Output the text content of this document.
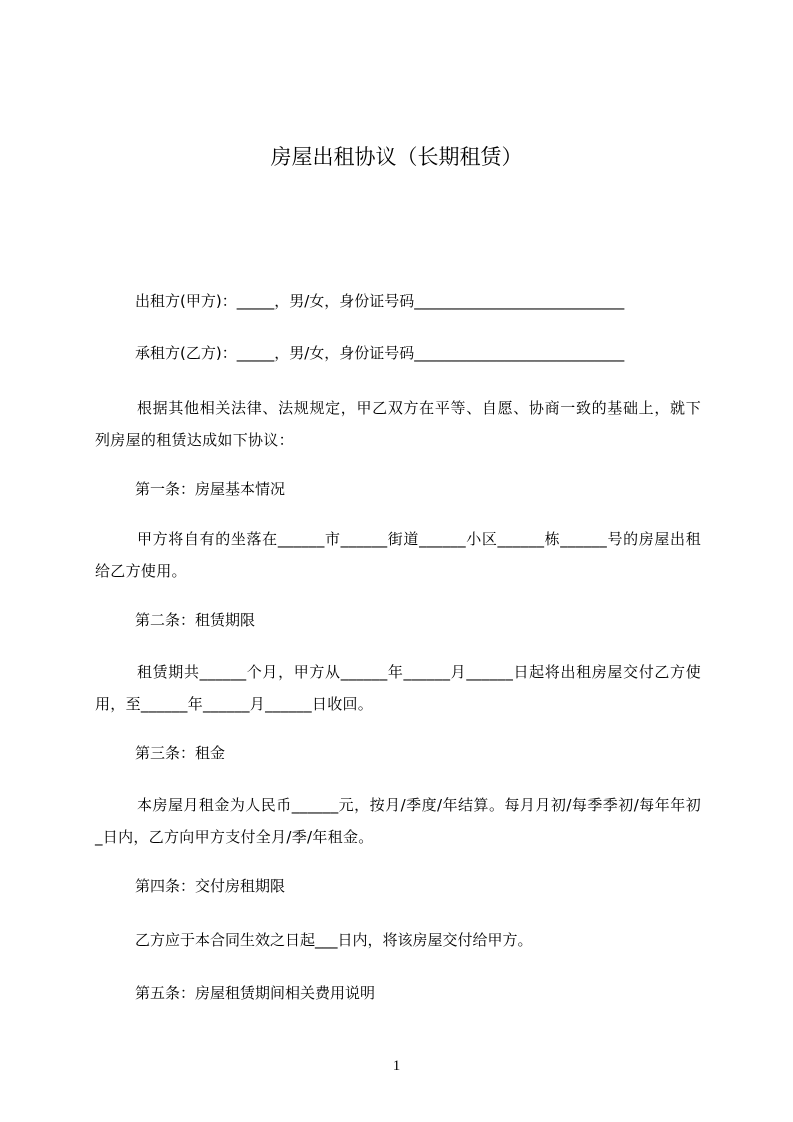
房屋出租协议（长期租赁）
出租方(甲方)：_____，男/女，身份证号码____________________________
承租方(乙方)：_____，男/女，身份证号码____________________________
根据其他相关法律、法规规定，甲乙双方在平等、自愿、协商一致的基础上，就下列房屋的租赁达成如下协议：
第一条：房屋基本情况
甲方将自有的坐落在______市______街道______小区______栋______号的房屋出租给乙方使用。
第二条：租赁期限
租赁期共______个月，甲方从______年______月______日起将出租房屋交付乙方使用，至______年______月______日收回。
第三条：租金
本房屋月租金为人民币______元，按月/季度/年结算。每月月初/每季季初/每年年初_日内，乙方向甲方支付全月/季/年租金。
第四条：交付房租期限
乙方应于本合同生效之日起___日内，将该房屋交付给甲方。
第五条：房屋租赁期间相关费用说明
1
